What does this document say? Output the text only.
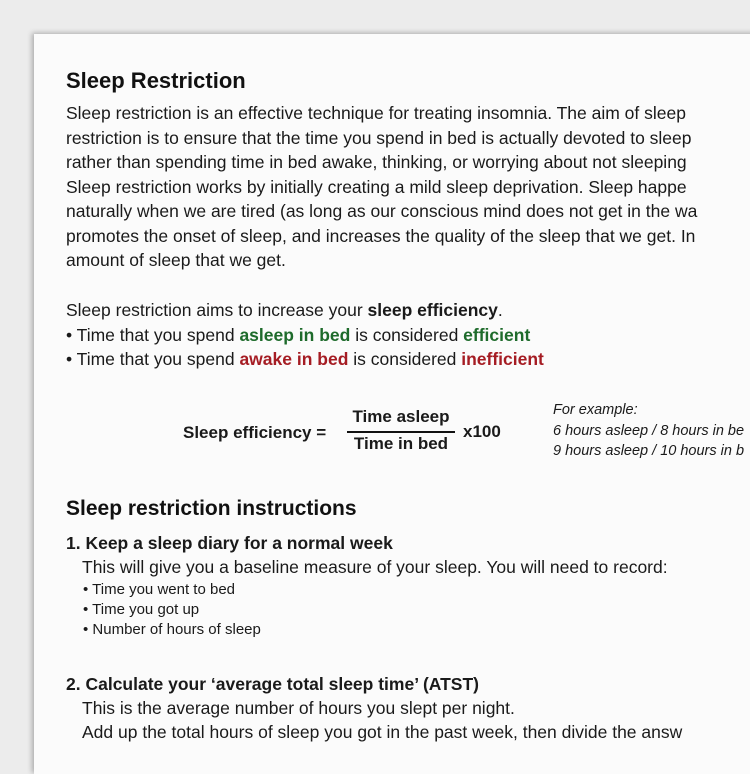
Sleep Restriction
Sleep restriction is an effective technique for treating insomnia. The aim of sleep
restriction is to ensure that the time you spend in bed is actually devoted to sleep
rather than spending time in bed awake, thinking, or worrying about not sleeping
Sleep restriction works by initially creating a mild sleep deprivation. Sleep happe
naturally when we are tired (as long as our conscious mind does not get in the wa
promotes the onset of sleep, and increases the quality of the sleep that we get. In
amount of sleep that we get.
Sleep restriction aims to increase your sleep efficiency.
• Time that you spend asleep in bed is considered efficient
• Time that you spend awake in bed is considered inefficient
Sleep efficiency =
Time asleep
Time in bed
x100
For example:
6 hours asleep / 8 hours in be
9 hours asleep / 10 hours in b
Sleep restriction instructions
1. Keep a sleep diary for a normal week
This will give you a baseline measure of your sleep. You will need to record:
• Time you went to bed
• Time you got up
• Number of hours of sleep
2. Calculate your ‘average total sleep time’ (ATST)
This is the average number of hours you slept per night.
Add up the total hours of sleep you got in the past week, then divide the answ
